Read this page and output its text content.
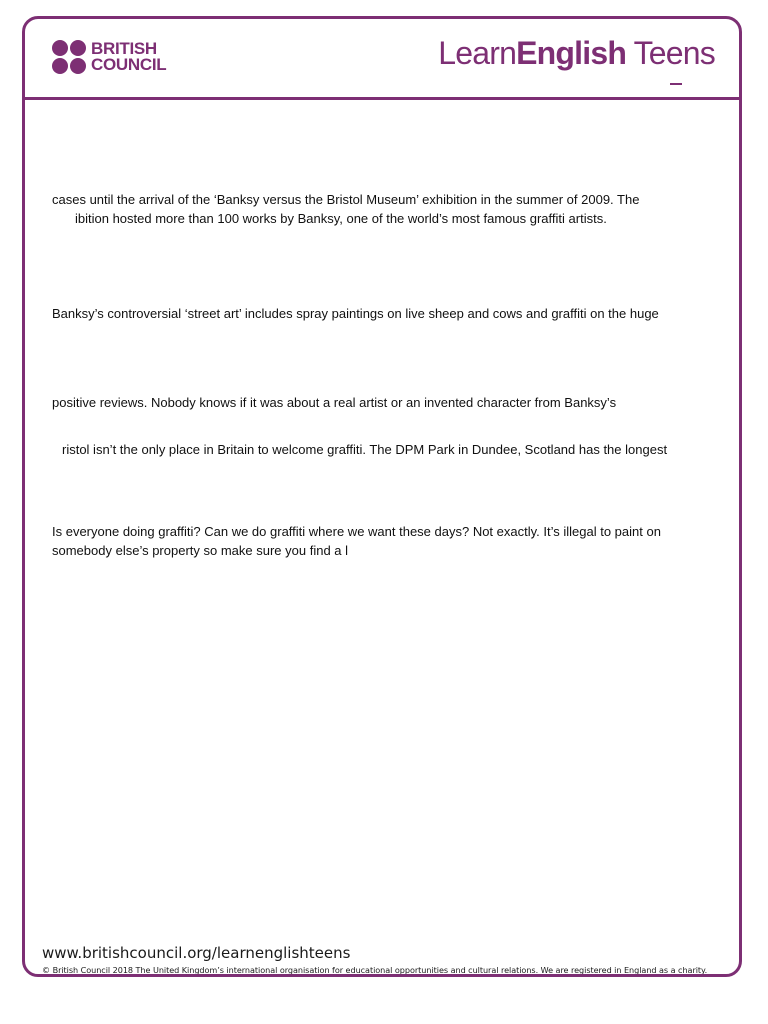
BRITISH
COUNCIL	LearnEnglish Teens
cases until the arrival of the ‘Banksy versus the Bristol Museum’ exhibition in the summer of 2009. The
ibition hosted more than 100 works by Banksy, one of the world’s most famous graffiti artists.
Banksy’s controversial ‘street art’ includes spray paintings on live sheep and cows and graffiti on the huge
positive reviews. Nobody knows if it was about a real artist or an invented character from Banksy’s
ristol isn’t the only place in Britain to welcome graffiti. The DPM Park in Dundee, Scotland has the longest
Is everyone doing graffiti? Can we do graffiti where we want these days? Not exactly. It’s illegal to paint on
somebody else’s property so make sure you find a l
www.britishcouncil.org/learnenglishteens
© British Council 2018 The United Kingdom’s international organisation for educational opportunities and cultural relations. We are registered in England as a charity.
